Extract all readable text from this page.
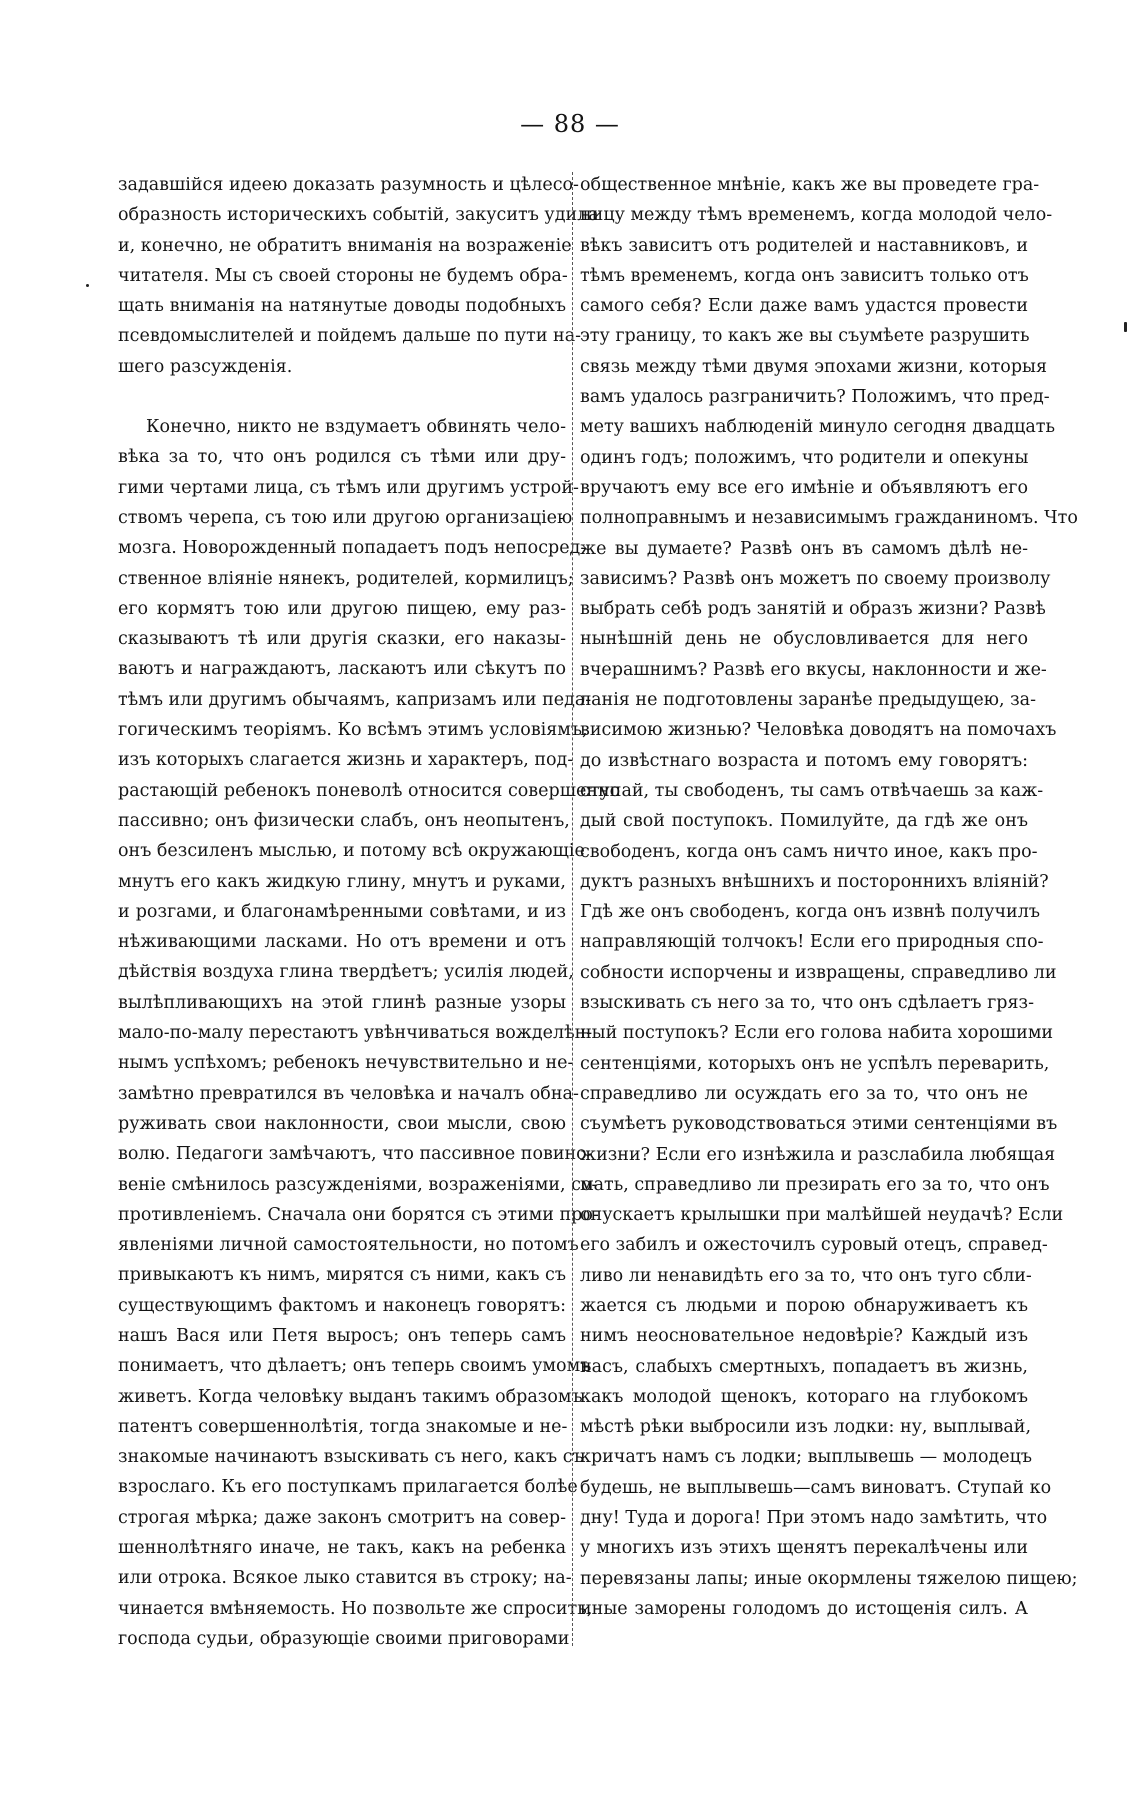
— 88 —
задавшійся идеею доказать разумность и цѣлесо-
образность историческихъ событій, закуситъ удила
и, конечно, не обратитъ вниманія на возраженіе
читателя. Мы съ своей стороны не будемъ обра-
щать вниманія на натянутые доводы подобныхъ
псевдомыслителей и пойдемъ дальше по пути на-
шего разсужденія.
Конечно, никто не вздумаетъ обвинять чело-
вѣка за то, что онъ родился съ тѣми или дру-
гими чертами лица, съ тѣмъ или другимъ устрой-
ствомъ черепа, съ тою или другою организаціею
мозга. Новорожденный попадаетъ подъ непосред-
ственное вліяніе нянекъ, родителей, кормилицъ;
его кормятъ тою или другою пищею, ему раз-
сказываютъ тѣ или другія сказки, его наказы-
ваютъ и награждаютъ, ласкаютъ или сѣкутъ по
тѣмъ или другимъ обычаямъ, капризамъ или педа-
гогическимъ теоріямъ. Ко всѣмъ этимъ условіямъ,
изъ которыхъ слагается жизнь и характеръ, под-
растающій ребенокъ поневолѣ относится совершенно
пассивно; онъ физически слабъ, онъ неопытенъ,
онъ безсиленъ мыслью, и потому всѣ окружающіе
мнутъ его какъ жидкую глину, мнутъ и руками,
и розгами, и благонамѣренными совѣтами, и из
нѣживающими ласками. Но отъ времени и отъ
дѣйствія воздуха глина твердѣетъ; усилія людей,
вылѣпливающихъ на этой глинѣ разные узоры
мало-по-малу перестаютъ увѣнчиваться вожделѣн-
нымъ успѣхомъ; ребенокъ нечувствительно и не-
замѣтно превратился въ человѣка и началъ обна-
руживать свои наклонности, свои мысли, свою
волю. Педагоги замѣчаютъ, что пассивное повино-
веніе смѣнилось разсужденіями, возраженіями, со-
противленіемъ. Сначала они борятся съ этими про-
явленіями личной самостоятельности, но потомъ
привыкаютъ къ нимъ, мирятся съ ними, какъ съ
существующимъ фактомъ и наконецъ говорятъ:
нашъ Вася или Петя выросъ; онъ теперь самъ
понимаетъ, что дѣлаетъ; онъ теперь своимъ умомъ
живетъ. Когда человѣку выданъ такимъ образомъ
патентъ совершеннолѣтія, тогда знакомые и не-
знакомые начинаютъ взыскивать съ него, какъ съ
взрослаго. Къ его поступкамъ прилагается болѣе
строгая мѣрка; даже законъ смотритъ на совер-
шеннолѣтняго иначе, не такъ, какъ на ребенка
или отрока. Всякое лыко ставится въ строку; на-
чинается вмѣняемость. Но позвольте же спросить,
господа судьи, образующіе своими приговорами
общественное мнѣніе, какъ же вы проведете гра-
ницу между тѣмъ временемъ, когда молодой чело-
вѣкъ зависитъ отъ родителей и наставниковъ, и
тѣмъ временемъ, когда онъ зависитъ только отъ
самого себя? Если даже вамъ удастся провести
эту границу, то какъ же вы съумѣете разрушить
связь между тѣми двумя эпохами жизни, которыя
вамъ удалось разграничить? Положимъ, что пред-
мету вашихъ наблюденій минуло сегодня двадцать
одинъ годъ; положимъ, что родители и опекуны
вручаютъ ему все его имѣніе и объявляютъ его
полноправнымъ и независимымъ гражданиномъ. Что
же вы думаете? Развѣ онъ въ самомъ дѣлѣ не-
зависимъ? Развѣ онъ можетъ по своему произволу
выбрать себѣ родъ занятій и образъ жизни? Развѣ
нынѣшній день не обусловливается для него
вчерашнимъ? Развѣ его вкусы, наклонности и же-
ланія не подготовлены заранѣе предыдущею, за-
висимою жизнью? Человѣка доводятъ на помочахъ
до извѣстнаго возраста и потомъ ему говорятъ:
ступай, ты свободенъ, ты самъ отвѣчаешь за каж-
дый свой поступокъ. Помилуйте, да гдѣ же онъ
свободенъ, когда онъ самъ ничто иное, какъ про-
дуктъ разныхъ внѣшнихъ и постороннихъ вліяній?
Гдѣ же онъ свободенъ, когда онъ извнѣ получилъ
направляющій толчокъ! Если его природныя спо-
собности испорчены и извращены, справедливо ли
взыскивать съ него за то, что онъ сдѣлаетъ гряз-
ный поступокъ? Если его голова набита хорошими
сентенціями, которыхъ онъ не успѣлъ переварить,
справедливо ли осуждать его за то, что онъ не
съумѣетъ руководствоваться этими сентенціями въ
жизни? Если его изнѣжила и разслабила любящая
мать, справедливо ли презирать его за то, что онъ
опускаетъ крылышки при малѣйшей неудачѣ? Если
его забилъ и ожесточилъ суровый отецъ, справед-
ливо ли ненавидѣть его за то, что онъ туго сбли-
жается съ людьми и порою обнаруживаетъ къ
нимъ неосновательное недовѣріе? Каждый изъ
насъ, слабыхъ смертныхъ, попадаетъ въ жизнь,
какъ молодой щенокъ, котораго на глубокомъ
мѣстѣ рѣки выбросили изъ лодки: ну, выплывай,
кричатъ намъ съ лодки; выплывешь — молодецъ
будешь, не выплывешь—самъ виноватъ. Ступай ко
дну! Туда и дорога! При этомъ надо замѣтить, что
у многихъ изъ этихъ щенятъ перекалѣчены или
перевязаны лапы; иные окормлены тяжелою пищею;
иные заморены голодомъ до истощенія силъ. А
